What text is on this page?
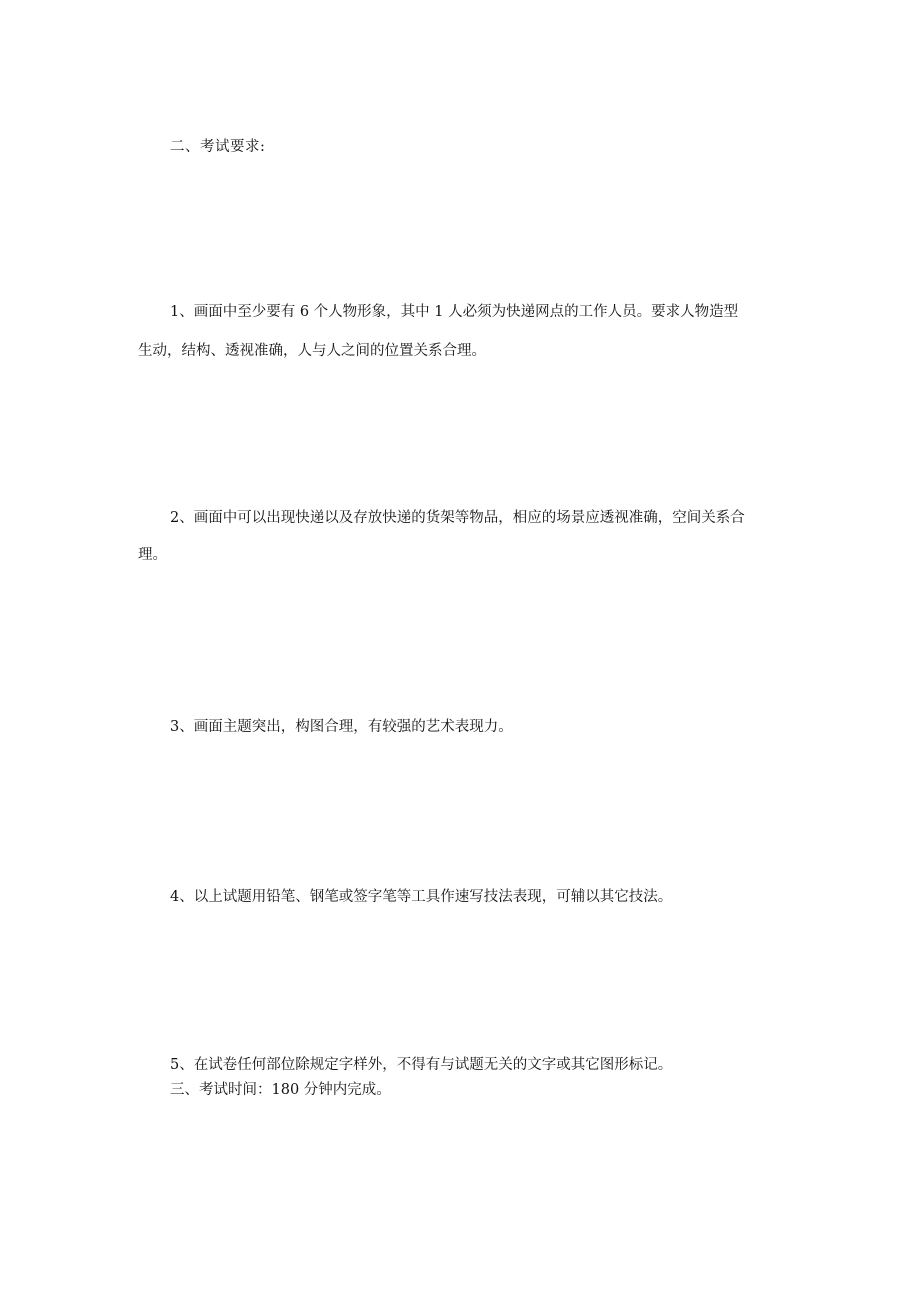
二、考试要求:
1、画面中至少要有 6 个人物形象，其中 1 人必须为快递网点的工作人员。要求人物造型
生动，结构、透视准确，人与人之间的位置关系合理。
2、画面中可以出现快递以及存放快递的货架等物品，相应的场景应透视准确，空间关系合
理。
3、画面主题突出，构图合理，有较强的艺术表现力。
4、以上试题用铅笔、钢笔或签字笔等工具作速写技法表现，可辅以其它技法。
5、在试卷任何部位除规定字样外，不得有与试题无关的文字或其它图形标记。
三、考试时间：180 分钟内完成。
